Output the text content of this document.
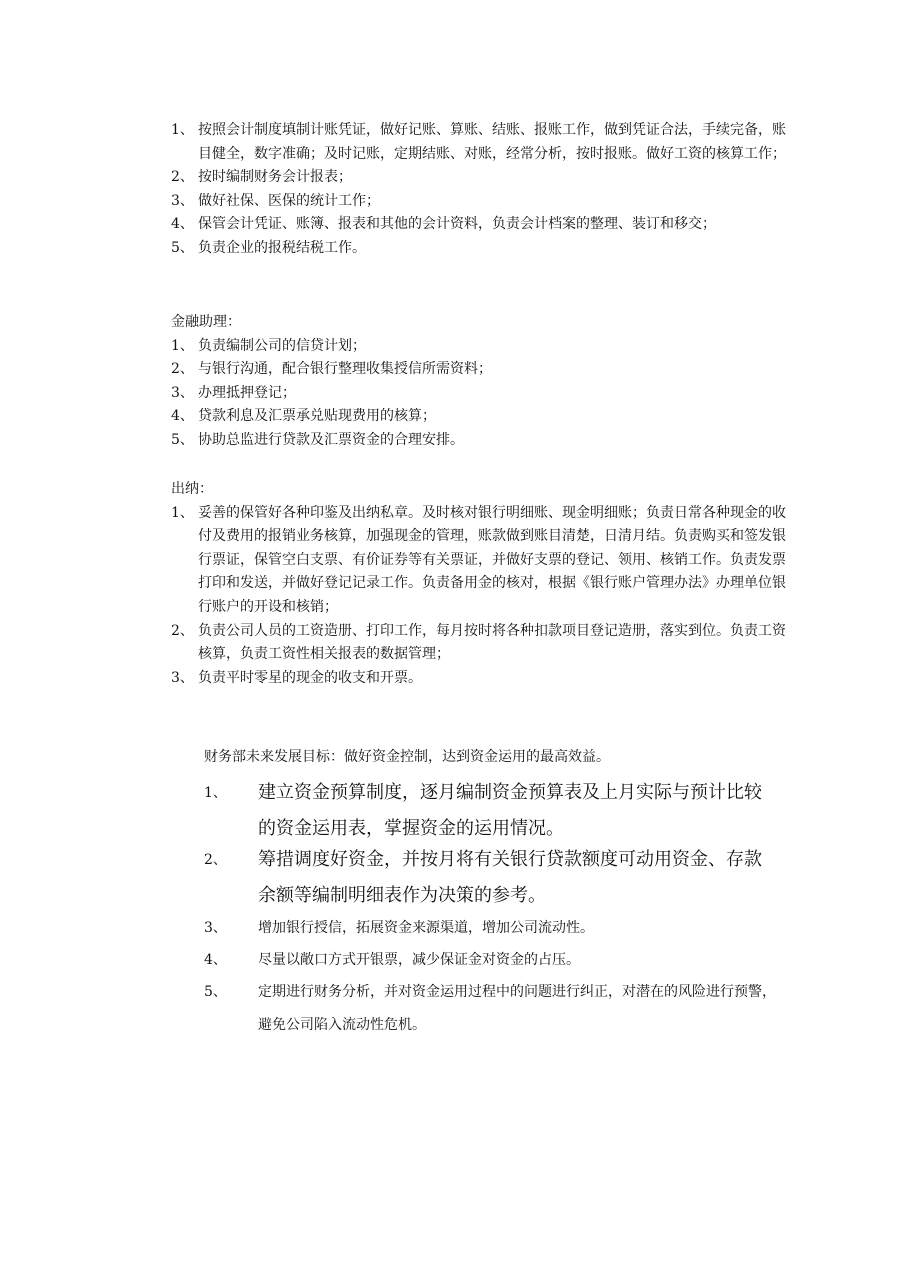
1、 按照会计制度填制计账凭证，做好记账、算账、结账、报账工作，做到凭证合法，手续完备，账目健全，数字准确；及时记账，定期结账、对账，经常分析，按时报账。做好工资的核算工作；
2、 按时编制财务会计报表；
3、 做好社保、医保的统计工作；
4、 保管会计凭证、账簿、报表和其他的会计资料，负责会计档案的整理、装订和移交；
5、 负责企业的报税结税工作。
金融助理：
1、 负责编制公司的信贷计划；
2、 与银行沟通，配合银行整理收集授信所需资料；
3、 办理抵押登记；
4、 贷款利息及汇票承兑贴现费用的核算；
5、 协助总监进行贷款及汇票资金的合理安排。
出纳：
1、 妥善的保管好各种印鉴及出纳私章。及时核对银行明细账、现金明细账；负责日常各种现金的收付及费用的报销业务核算，加强现金的管理，账款做到账目清楚，日清月结。负责购买和签发银行票证，保管空白支票、有价证券等有关票证，并做好支票的登记、领用、核销工作。负责发票打印和发送，并做好登记记录工作。负责备用金的核对，根据《银行账户管理办法》办理单位银行账户的开设和核销；
2、 负责公司人员的工资造册、打印工作，每月按时将各种扣款项目登记造册，落实到位。负责工资核算，负责工资性相关报表的数据管理；
3、 负责平时零星的现金的收支和开票。
财务部未来发展目标：做好资金控制，达到资金运用的最高效益。
1、 建立资金预算制度，逐月编制资金预算表及上月实际与预计比较的资金运用表，掌握资金的运用情况。
2、 筹措调度好资金，并按月将有关银行贷款额度可动用资金、存款余额等编制明细表作为决策的参考。
3、 增加银行授信，拓展资金来源渠道，增加公司流动性。
4、 尽量以敞口方式开银票，减少保证金对资金的占压。
5、 定期进行财务分析，并对资金运用过程中的问题进行纠正，对潜在的风险进行预警，避免公司陷入流动性危机。
